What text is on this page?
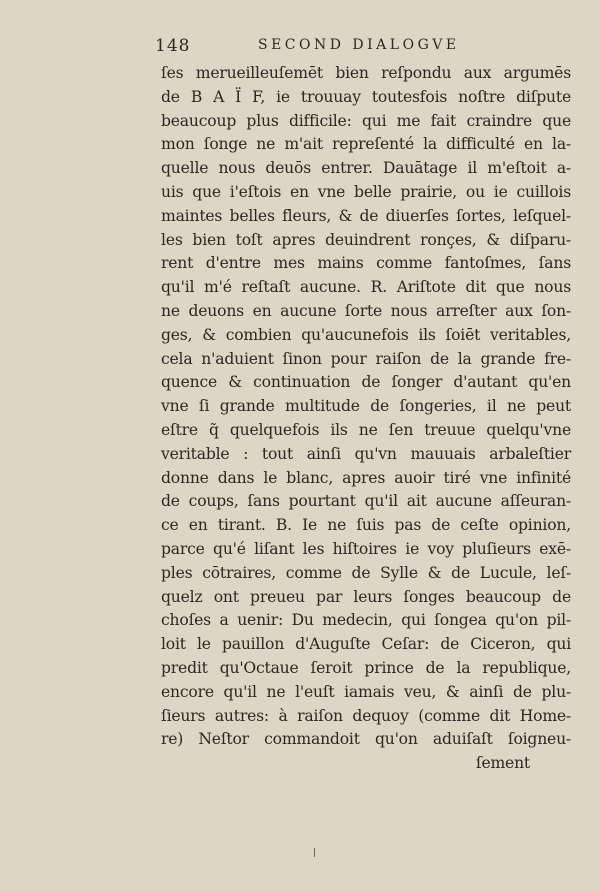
148	SECOND DIALOGVE
ſes merueilleuſemēt bien reſpondu aux argumēs
de B A Ï F, ie trouuay toutesfois noſtre diſpute
beaucoup plus difficile: qui me fait craindre que
mon ſonge ne m'ait repreſenté la difficulté en la-
quelle nous deuōs entrer. Dauātage il m'eſtoit a-
uis que i'eſtois en vne belle prairie, ou ie cuillois
maintes belles fleurs, & de diuerſes ſortes, leſquel-
les bien toſt apres deuindrent ronçes, & diſparu-
rent d'entre mes mains comme fantoſmes, ſans
qu'il m'é reſtaſt aucune. R. Ariſtote dit que nous
ne deuons en aucune ſorte nous arreſter aux ſon-
ges, & combien qu'aucunefois ils ſoiēt veritables,
cela n'aduient ſinon pour raiſon de la grande fre-
quence & continuation de ſonger d'autant qu'en
vne ſi grande multitude de ſongeries, il ne peut
eſtre q̃ quelquefois ils ne ſen treuue quelqu'vne
veritable : tout ainſi qu'vn mauuais arbaleſtier
donne dans le blanc, apres auoir tiré vne infinité
de coups, ſans pourtant qu'il ait aucune aſſeuran-
ce en tirant. B. Ie ne ſuis pas de ceſte opinion,
parce qu'é liſant les hiſtoires ie voy pluſieurs exē-
ples cōtraires, comme de Sylle & de Lucule, leſ-
quelz ont preueu par leurs ſonges beaucoup de
choſes a uenir: Du medecin, qui ſongea qu'on pil-
loit le pauillon d'Auguſte Ceſar: de Ciceron, qui
predit qu'Octaue ſeroit prince de la republique,
encore qu'il ne l'euſt iamais veu, & ainſi de plu-
ſieurs autres: à raiſon dequoy (comme dit Home-
re) Neſtor commandoit qu'on aduiſaſt ſoigneu-
ſement
